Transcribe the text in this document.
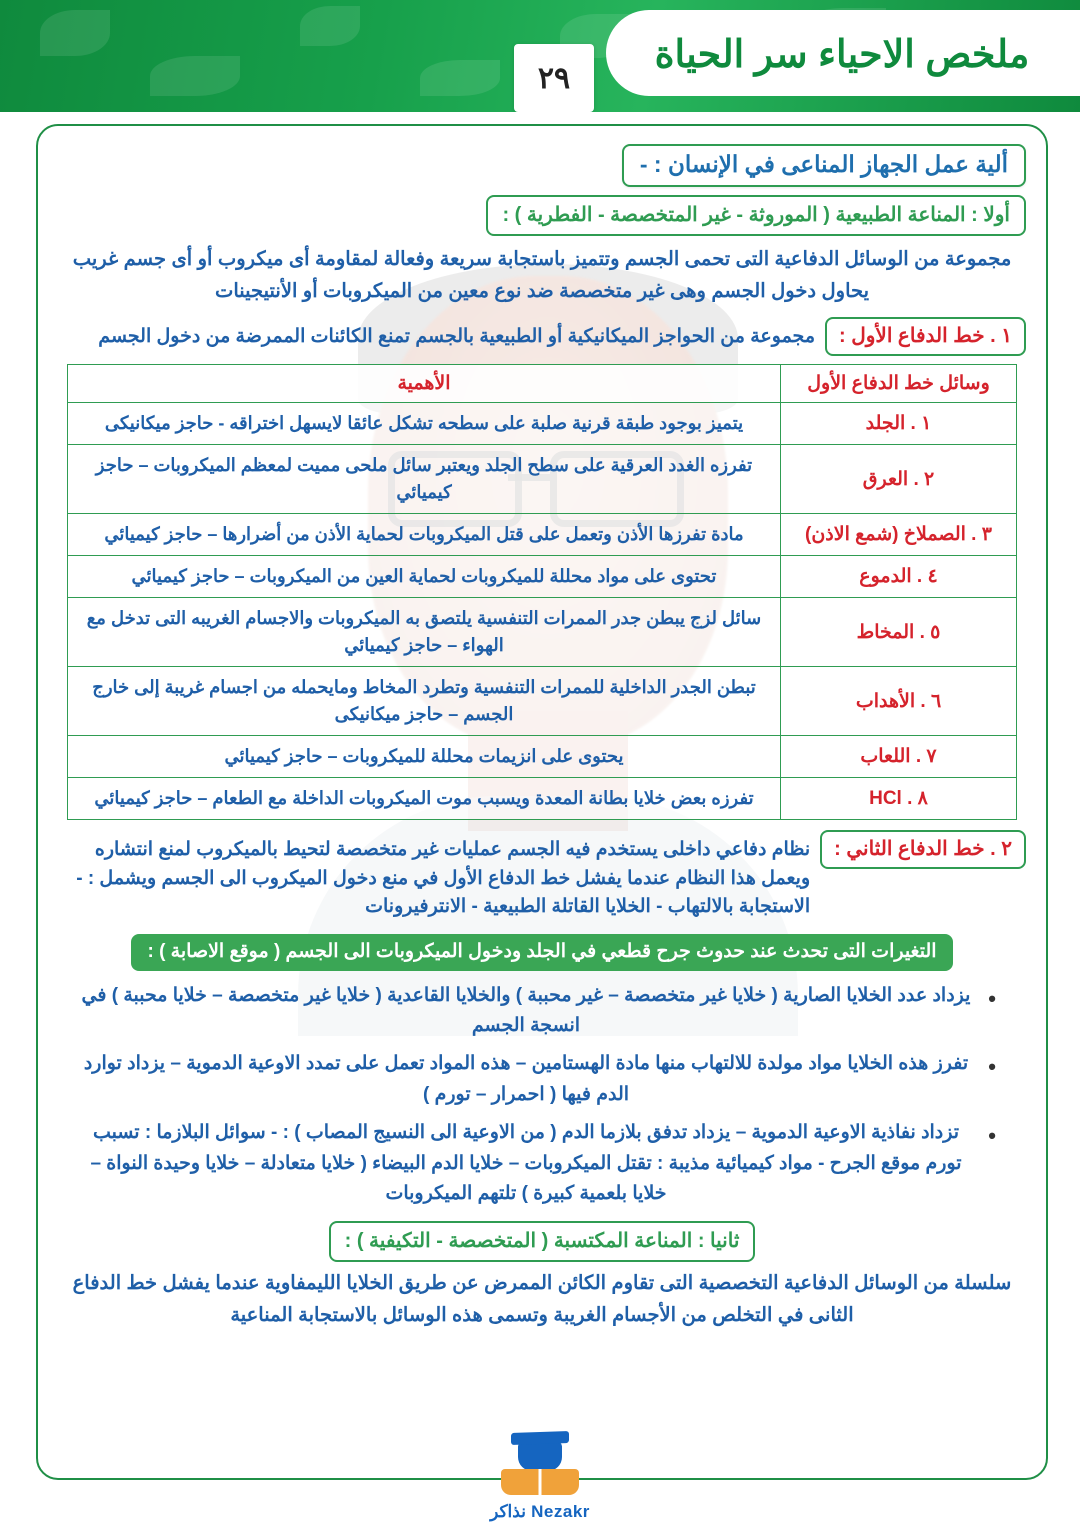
ملخص الاحياء سر الحياة
٢٩
ألية عمل الجهاز المناعى في الإنسان : -
أولا : المناعة الطبيعية ( الموروثة - غير المتخصصة - الفطرية ) :
مجموعة من الوسائل الدفاعية التى تحمى الجسم وتتميز باستجابة سريعة وفعالة لمقاومة أى ميكروب أو أى جسم غريب يحاول دخول الجسم وهى غير متخصصة ضد نوع معين من الميكروبات أو الأنتيجينات
١ . خط الدفاع الأول :
مجموعة من الحواجز الميكانيكية أو الطبيعية بالجسم تمنع الكائنات الممرضة من دخول الجسم
وسائل خط الدفاع الأول	الأهمية
١ . الجلد	يتميز بوجود طبقة قرنية صلبة على سطحه تشكل عائقا لايسهل اختراقه - حاجز ميكانيكى
٢ . العرق	تفرزه الغدد العرقية على سطح الجلد ويعتبر سائل ملحى مميت لمعظم الميكروبات – حاجز كيميائي
٣ . الصملاخ (شمع الاذن)	مادة تفرزها الأذن وتعمل على قتل الميكروبات لحماية الأذن من أضرارها – حاجز كيميائي
٤ . الدموع	تحتوى على مواد محللة للميكروبات لحماية العين من الميكروبات – حاجز كيميائي
٥ . المخاط	سائل لزج يبطن جدر الممرات التنفسية يلتصق به الميكروبات والاجسام الغريبه التى تدخل مع الهواء – حاجز كيميائي
٦ . الأهداب	تبطن الجدر الداخلية للممرات التنفسية وتطرد المخاط ومايحمله من اجسام غريبة إلى خارج الجسم – حاجز ميكانيكى
٧ . اللعاب	يحتوى على انزيمات محللة للميكروبات – حاجز كيميائي
٨ . HCl	تفرزه بعض خلايا بطانة المعدة ويسبب موت الميكروبات الداخلة مع الطعام – حاجز كيميائي
٢ . خط الدفاع الثاني :
نظام دفاعي داخلى يستخدم فيه الجسم عمليات غير متخصصة لتحيط بالميكروب لمنع انتشاره ويعمل هذا النظام عندما يفشل خط الدفاع الأول في منع دخول الميكروب الى الجسم ويشمل : - الاستجابة بالالتهاب - الخلايا القاتلة الطبيعية - الانترفيرونات
التغيرات التى تحدث عند حدوث جرح قطعي في الجلد ودخول الميكروبات الى الجسم ( موقع الاصابة ) :
• يزداد عدد الخلايا الصارية ( خلايا غير متخصصة – غير محببة ) والخلايا القاعدية ( خلايا غير متخصصة – خلايا محببة ) في انسجة الجسم
• تفرز هذه الخلايا مواد مولدة للالتهاب منها مادة الهستامين – هذه المواد تعمل على تمدد الاوعية الدموية – يزداد توارد الدم فيها ( احمرار – تورم )
• تزداد نفاذية الاوعية الدموية – يزداد تدفق بلازما الدم ( من الاوعية الى النسيج المصاب ) : - سوائل البلازما : تسبب تورم موقع الجرح - مواد كيميائية مذيبة : تقتل الميكروبات – خلايا الدم البيضاء ( خلايا متعادلة – خلايا وحيدة النواة – خلايا بلعمية كبيرة ) تلتهم الميكروبات
ثانيا : المناعة المكتسبة ( المتخصصة - التكيفية ) :
سلسلة من الوسائل الدفاعية التخصصية التى تقاوم الكائن الممرض عن طريق الخلايا الليمفاوية عندما يفشل خط الدفاع الثانى في التخلص من الأجسام الغريبة وتسمى هذه الوسائل بالاستجابة المناعية
Nezakr نذاكر
